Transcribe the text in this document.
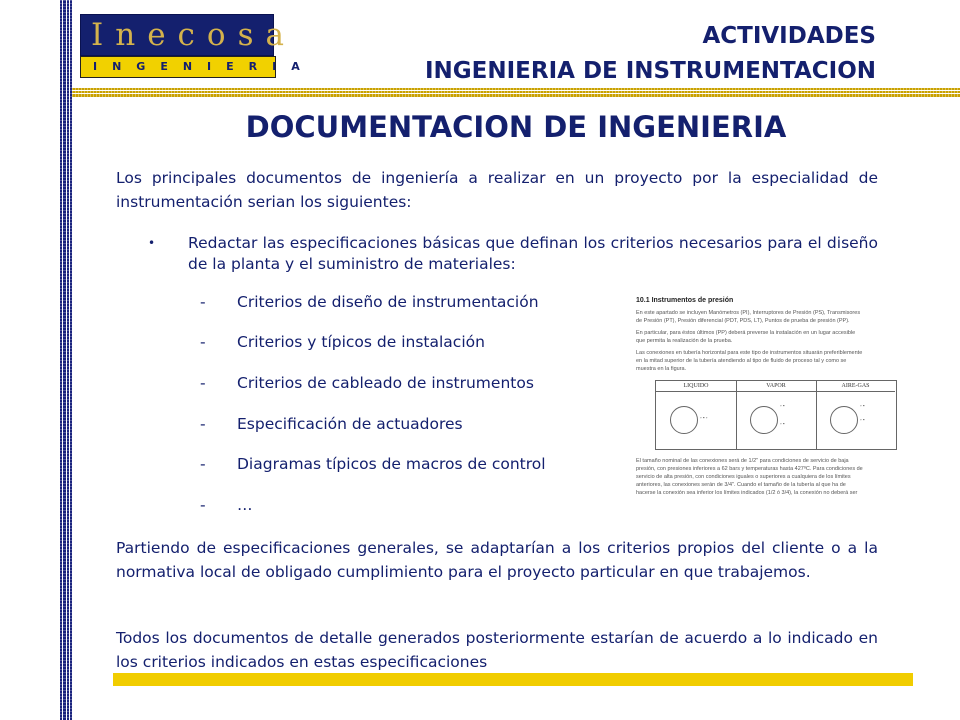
Inecosa
INGENIERIA
ACTIVIDADES
INGENIERIA DE INSTRUMENTACION
DOCUMENTACION DE INGENIERIA
Los principales documentos de ingeniería a realizar en un proyecto por la especialidad de instrumentación serian los siguientes:
• Redactar las especificaciones básicas que definan los criterios necesarios para el diseño de la planta y el suministro de materiales:
- Criterios de diseño de instrumentación
- Criterios y típicos de instalación
- Criterios de cableado de instrumentos
- Especificación de actuadores
- Diagramas típicos de macros de control
- …
10.1 Instrumentos de presión
En este apartado se incluyen Manómetros (PI), Interruptores de Presión (PS), Transmisores
de Presión (PT), Presión diferencial (PDT, PDS, LT), Puntos de prueba de presión (PP).
En particular, para éstos últimos (PP) deberá preverse la instalación en un lugar accesible
que permita la realización de la prueba.
Las conexiones en tubería horizontal para este tipo de instrumentos situarán preferiblemente
en la mitad superior de la tubería atendiendo al tipo de fluido de proceso tal y como se
muestra en la figura.
LIQUIDO
▫ ▪ ▫
VAPOR
▫ ▪
▫ ▪
AIRE-GAS
▫ ▪
▫ ▪
El tamaño nominal de las conexiones será de 1/2" para condiciones de servicio de baja
presión, con presiones inferiores a 62 bars y temperaturas hasta 427ºC. Para condiciones de
servicio de alta presión, con condiciones iguales o superiores a cualquiera de los límites
anteriores, las conexiones serán de 3/4". Cuando el tamaño de la tubería al que ha de
hacerse la conexión sea inferior los límites indicados (1/2 ó 3/4), la conexión no deberá ser
Partiendo de especificaciones generales, se adaptarían a los criterios propios del cliente o a la normativa local de obligado cumplimiento para el proyecto particular en que trabajemos.
Todos los documentos de detalle generados posteriormente estarían de acuerdo a lo indicado en los criterios indicados en estas especificaciones
